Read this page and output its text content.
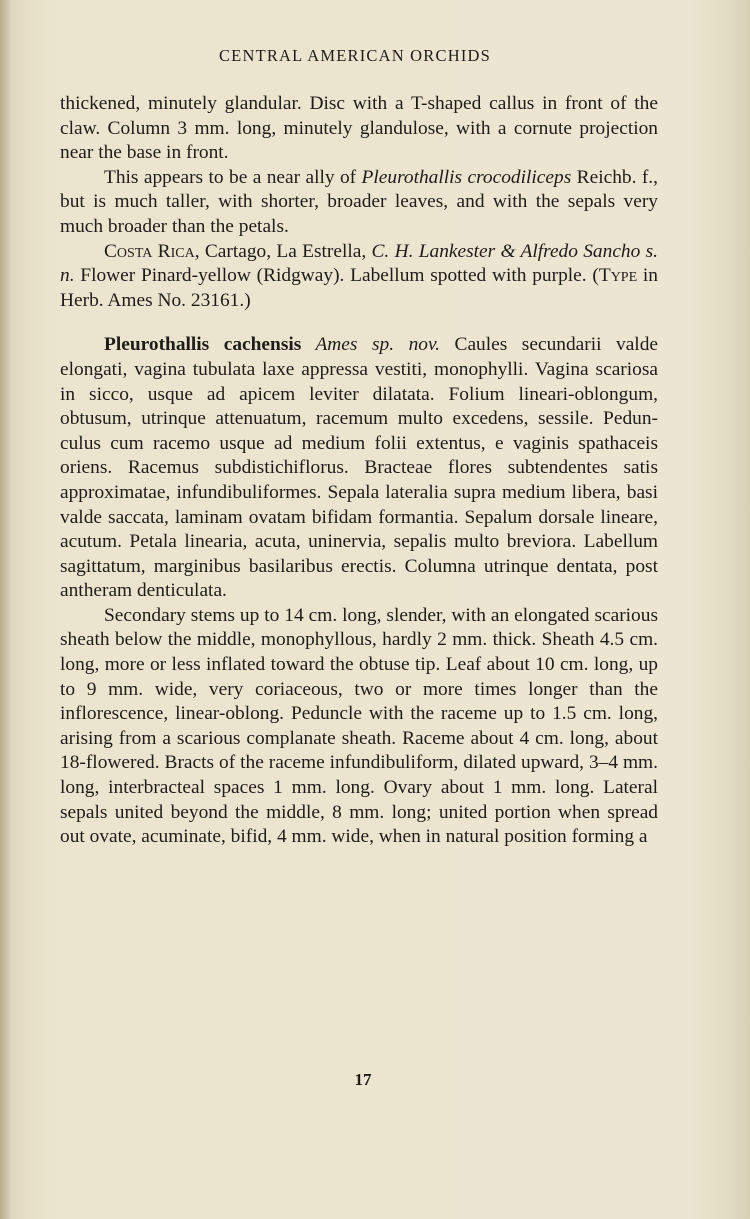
CENTRAL AMERICAN ORCHIDS

thickened, minutely glandular. Disc with a T-shaped callus in front of the claw. Column 3 mm. long, minutely glandulose, with a cornute projection near the base in front.

This appears to be a near ally of Pleurothallis crocodiliceps Reichb. f., but is much taller, with shorter, broader leaves, and with the sepals very much broader than the petals.

Costa Rica, Cartago, La Estrella, C. H. Lankester & Alfredo Sancho s. n. Flower Pinard-yellow (Ridgway). Labellum spotted with purple. (Type in Herb. Ames No. 23161.)

Pleurothallis cachensis Ames sp. nov. Caules secundarii valde elongati, vagina tubulata laxe appressa vestiti, monophylli. Vagina scariosa in sicco, usque ad apicem leviter dilatata. Folium lineari-oblongum, obtusum, utrinque attenuatum, racemum multo excedens, sessile. Pedunculus cum racemo usque ad medium folii extentus, e vaginis spathaceis oriens. Racemus subdistichiflorus. Bracteae flores subtendentes satis approximatae, infundibuliformes. Sepala lateralia supra medium libera, basi valde saccata, laminam ovatam bifidam formantia. Sepalum dorsale lineare, acutum. Petala linearia, acuta, uninervia, sepalis multo breviora. Labellum sagittatum, marginibus basilaribus erectis. Columna utrinque dentata, post antheram denticulata.

Secondary stems up to 14 cm. long, slender, with an elongated scarious sheath below the middle, monophyllous, hardly 2 mm. thick. Sheath 4.5 cm. long, more or less inflated toward the obtuse tip. Leaf about 10 cm. long, up to 9 mm. wide, very coriaceous, two or more times longer than the inflorescence, linear-oblong. Peduncle with the raceme up to 1.5 cm. long, arising from a scarious complanate sheath. Raceme about 4 cm. long, about 18-flowered. Bracts of the raceme infundibuliform, dilated upward, 3–4 mm. long, interbracteal spaces 1 mm. long. Ovary about 1 mm. long. Lateral sepals united beyond the middle, 8 mm. long; united portion when spread out ovate, acuminate, bifid, 4 mm. wide, when in natural position forming a

17
